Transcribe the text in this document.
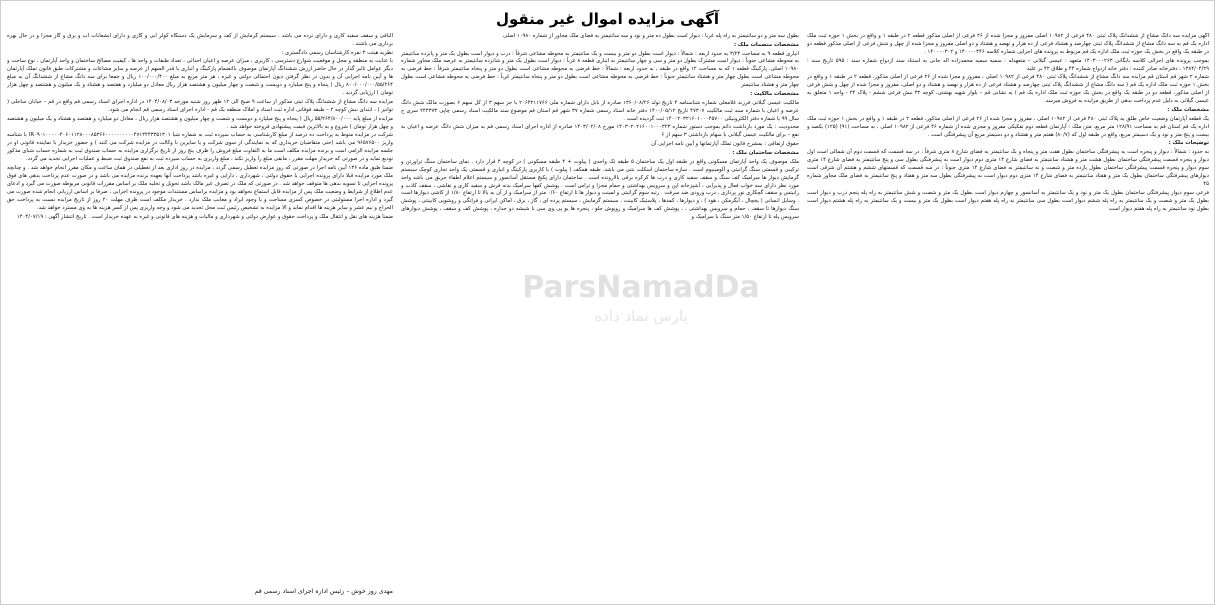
آگهی مزایده اموال غیر منقول

آگهی مزایده سه دانگ مشاع از ششدانگ پلاک ثبتی ۴۸۰ فرعی از ۱۰۹۸۲ اصلی مفروز و مجزا شده از ۲۶ فرعی از اصلی مذکور قطعه ۲ در طبقه ۱ و واقع در بخش ۱ حوزه ثبت ملک اداره یک قم به سه دانگ مشاع از ششدانگ پلاک ثبتی چهارصد و هشتاد فرعی از ده هزار و نهصد و هشتاد و دو اصلی مفروز و مجزا شده از چهل و شش فرعی از اصلی مذکور قطعه دو در طبقه یک واقع در بخش یک حوزه ثبت ملک اداره یک قم مربوط به پرونده های اجرایی شماره کلاسه ۱۴۰۰۰۰۴۴۶ و ۱۴۰۰۰۰۳۰۲ .

بموجب پرونده های اجرائی کلاسه بایگانی ۱۴۰۳۰۰۰۲۶۳ متعهد : عیسی گیلانی – متعهدله : سمیه سمیه محمدزاده اله جانی به استناد سند ازدواج شماره سند : ۵۹۵ تاریخ سند : ۱۳۸۴/۰۴/۲۹ ، دفترخانه صادر کننده : دفتر خانه ازدواج شماره ۴۴ و طلاق ۴۲ بر علیه

شماره ۲ شهر قم استان قم مزایده سه دانگ مشاع از ششدانگ پلاک ثبتی ۴۸۰ فرعی از ۱۰۹۸۲ اصلی ، مفروز و مجزا شده از ۲۶ فرعی از اصلی مذکور، قطعه ۲ در طبقه ۱ و واقع در بخش ۱ حوزه ثبت ملک اداره یک قم ( سه دانگ مشاع از ششدانگ پلاک ثبتی چهارصد و هشتاد فرعی از ده هزار و نهصد و هشتاد و دو اصلی، مفروز و مجزا شده از چهل و شش فرعی از اصلی مذکور، قطعه دو در طبقه یک واقع در بخش یک حوزه ثبت ملک اداره یک قم ) به نشانی قم – بلوار شهید بهشتی، کوچه ۳۲ نبش فرعی ششم - پلاک ۲۴ - واحد ۱ متعلق به عیسی گیلانی به دلیل عدم پرداخت بدهی از طریق مزایده به فروش میرسد.

مشخصات ملک :

یک قطعه آپارتمان وضعیت خاص طلق به پلاک ثبتی ۴۸۰ فرعی از ۱۰۹۸۲ اصلی ، مفروز و مجزا شده از ۲۶ فرعی از اصلی مذکور، قطعه ۲ در طبقه ۱ و واقع در بخش ۱ حوزه ثبت ملک اداره یک قم استان قم به مساحت ۱۲۸/۹۱ متر مربع، متن ملک : آپارتمان قطعه دوم تفکیکی مفروز و مجزی شده از شماره ۴۶ فرعی از ۱۰۹۸۲ اصلی ، به مساحت (۹۱) (۱۲۵) یکصد و بیست و پنج متر و نود و یک دسیمتر مربع، واقع در طبقه اول که (۸۰/۷) هفتم متر و هشتاد و دو دسیمتر مربع آن پیشرفتگی است .

توضیحات ملک :

به حدود : شمالاً : دیوار و پنجره است به پیشرفتگی ساختمان بطول هفت متر و پنجاه و یک سانتیمتر به فضای شارع ۸ متری شرقاً : در سه قسمت که قسمت دوم آن شمالی است اول دیوار و پنجره قسمت پیشرفتگی ساختمان بطول هشت متر و هشتاد سانتیمتر به فضای شارع ۱۴ متری دوم دیوار است به پیشرفتگی بطول سی و پنج سانتیمتر به فضای شارع ۱۴ متری سوم دیوار و پنجره قسمت پیشرفتگی ساختمان بطول یازده متر و شصت و نه سانتیمتر به فضای شارع ۱۴ متری جنوباً : در سه قسمت که قسمتهای ششم و هشتم آن شرقی است دیوارهای پیشرفتگی ساختمان بطول یک متر و هفتاد سانتیمتر به فضای شارع ۱۴ متری دوم دیوار است به پیشرفتگی بطول سه متر و هفتاد و پنج سانتیمتر به فضای ملک مجاور شماره ۴۵

فرعی سوم دیوار پیشرفتگی ساختمان بطول یک متر و نود و یک سانتیمتر به آسانسور و چهارم دیوار است بطول یک متر و شصت و شش سانتیمتر به راه پله پنجم درب و دیوار است بطول یک متر و شصت و یک سانتیمتر به راه پله ششم دیوار است بطول سی سانتیمتر به راه پله هفتم دیوار است بطول یک متر و بیست و یک سانتیمتر به راه پله هشتم دیوار است بطول نود سانتیمتر به راه پله هفتم دیوار است

بطول سه متر و دو سانتیمتر به راه پله غرباً : دیوار است بطول ده متر و نود و سه سانتیمتر به فضای ملک مجاور از شماره ۱۰۹۸۰ اصلی

مشخصات منضمات ملک :

انباری قطعه ۹ به مساحت ۳/۲۴ به حدود اربعه : شمالاً : دیوار است بطول دو متر و بیست و یک سانتیمتر به محوطه مشاعی شرقاً : درب و دیوار است بطول یک متر و پانزده سانتیمتر به محوطه مشاعی جنوباً : دیوار است مشترک بطول دو متر و سی و چهار سانتیمتر به انباری قطعه ۸ غرباً : دیوار است بطول یک متر و شانزده سانتیمتر به عرصه ملک مجاور شماره ۱۰۹۸۰ اصلی. پارکینگ قطعه ۱ که به مساحت ۱۲ واقع در طبقه ، به حدود اربعه : شمالاً : خط فرضی به محوطه مشاعی است بطول دو متر و پنجاه سانتیمتر شرقاً : خط فرضی به محوطه مشاعی است بطول چهار متر و هشتاد سانتیمتر جنوباً : خط فرضی به محوطه مشاعی است بطول دو متر و پنجاه سانتیمتر غرباً : خط فرضی به محوطه مشاعی است بطول چهار متر و هشتاد سانتیمتر

مشخصات مالکیت :

مالکیت عیسی گیلانی فرزند غلامعلی شماره شناسنامه ۴ تاریخ تولد ۱۳۶۰/۰۸/۲۶ صادره از بابل دارای شماره ملی ۲۰۶۴۲۱۱۷۶۶ با جز سهم ۳ از کل سهم ۶ بصورت مالک شش دانگ عرصه و اعیان با شماره سند ثبت مالکیت ۴۷۳۰۷ تاریخ ۱۴۰۰/۰۵/۱۲ دفتر خانه اسناد رسمی شماره ۳۷ شهر قم استان قم موضوع سند مالکیت اسناد رسمی چاپی ۲۴۴۳۷۳ سری ج سال ۹۹ با شماره دفتر الکترونیکی ۱۴۰۰۲۰۳۲۱۶۰۱۰۰۰۴۵۷۰۰ ثبت گردیده است .

محدودیت : یک مورد بازداشت دائم بموجب دستور شماره ۱۴۰۳۰۲۰۲۱۶۰۰۱۰۰۰۳۲۳ مورخ ۱۴۰۳/۰۲/۰۸ صادره از اداره اجرای اسناد رسمی قم به میزان شش دانگ عرصه و اعیان به نفع – برای مالکیت عیسی گیلانی با سهام بازداشتی ۳ سهم از ۶

حقوق ارتفاقی : بمشرح قانون تملک آپارتمانها و آیین نامه اجرایی آن

مشخصات ساختمان ملک :

ملک موصوف یک واحد آپارتمان مسکونی واقع در طبقه اول یک ساختمان ۵ طبقه تک واحدی ( پیلوت + ۴ طبقه مسکونی ) در کوچه ۴ قرار دارد . نمای ساختمان سنگ تراورتن و ترکیبی و قسمتی سنگ گرانیتی و آلومینیوم است . سازه ساختمان اسکلت بتنی می باشد. طبقه همکف ( پیلوت ) با کاربری پارکینگ و انباری و قسمتی یک واحد تجاری کوچک سیستم گرمایش دیوار ها سرامیک کف سنگ و سقف سفید کاری و درب ها کرکره برقی بالارونده است . ساختمان دارای پکیج مستقل آسانسور و سیستم اعلام اطفاء حریق می باشد واحد مورد نظر دارای سه خواب فعال و پذیرایی ، آشپزخانه اپن و سرویس بهداشتی و حمام مجزا و تراس است . پوشش کفها سرامیک بدنه فرش و سفید کاری و نقاشی ، سقف کاذب و رابیتس و سقف گچکاری نور پردازی ، درب ورودی ضد سرقت . رتبه سوم گرانیتی و لمینت و دیوار ها تا ارتفاع ۰/۶۰ متر از سرامیک و از آن به بالا تا ارتفاع ۱/۸۰ از کاشی دیوارها است . وسایل انسانی ( یخچال ، آبگرمکن ، هود ) ، و دیوارها ، کمدها ، پلاستیک کابینت ، سیستم گرمایش ، سیستم پرده ای ، گاز ، برق ، اماکن ایرانی و فرانگی و روشویی کابینتی ، پوشش سنگ دیوارها تا سقف ، حمام و سرویس بهداشتی ، ، پوشش کف ها سرامیک و روپوش جلو ، پنجره ها یو پی وی سی با شیشه دو جداره ، پوشش کف و سقف ، پوشش دیوارهای سرویس پله تا ارتفاع ۱/۵۰ متر سنگ یا سرامیک و

الباقی و سقف سفید کاری و دارای نرده می باشد . سیستم گرمایش از کف و سرمایش یک دستگاه کولر آبی و گازی و دارای انشعابات آب و برق و گاز مجزا و در حال بهره برداری می باشند .

نظریه هیئت ۳ نفره کارشناسان رسمی دادگستری :

با عنایت به منطقه و محل و موقعیت شوارع دسترسی ، کاربری ، میزان عرصه و اعیان احداثی ، تعداد طبقات و واحد ها ، کیفیت مصالح ساختمان و واحد آپارتمان ، نوع ساخت و دیگر عوامل تاثیر گذار در حال حاضر ارزش ششدانگ آپارتمان موصوف باانضمام پارکینگ و انباری با قدر السهم از عرصه و سایر مشاعات و مشترکات طبق قانون تملک آپارتمان ها و آیین نامه اجرایی آن و بدون در نظر گرفتن دیون احتمالی دولتی و غیره ، هر متر مربع به مبلغ ۱۰۰/۰۰۰/۴۰۰ ریال و جمعا برای سه دانگ مشاع از ششدانگ آن به مبلغ ۸۰۰/۰۰۰/۰۰۰/۵۵/۲۶۴ ریال ( پنجاه و پنج میلیارد و دویست و شصت و چهار میلیون و هشتصد هزار ریال معادل دو میلیارد و هفتصد و هشتاد و یک میلیون و هشتصد و چهل هزار تومان ) ارزیابی گردید .

مزایده سه دانگ مشاع از ششدانگ پلاک ثبتی مذکور از ساعت ۹ صبح الی ۱۲ ظهر روز شنبه مورخه ۱۴۰۴/۰۸/۰۳ در اداره اجرای اسناد رسمی قم واقع در قم – خیابان ساحلی ( توانیر ) ، ابتدای نبش کوچه ۲ – طبقه فوقانی اداره ثبت اسناد و املاک منطقه یک قم - اداره اجرای اسناد رسمی قم انجام می شود.

مزایده از مبلغ پایه ۵۵/۲۶۴/۸۰۰/۰۰۰ ریال ( پنجاه و پنج میلیارد و دویست و شصت و چهار میلیون و هشتصد هزار ریال ، معادل دو میلیارد و هفتصد و هشتاد و یک میلیون و هشتصد و چهل هزار تومان ) شروع و به بالاترین قیمت پیشنهادی فروخته خواهد شد .

شرکت در مزایده منوط به پرداخت ده درصد از مبلغ کارشناسی به حساب سپرده ثبت به شماره شبا IR۰۹۰۱۰۰۰۰۰۴۰۶۰۱۱۲۸۰۰۰۸۵۳۶۶۰۰۰۰۰۰۰۰۰۰۴۷۱۳۴۴۳۳۵۱۳۰۱ با شناسه واریز ۹۶۵۷۶۵۰۰ می باشد (حتی متقاضیان خریداری که به نمایندگی از سوی شرکت و یا سایرین با وکالت در مزایده شرکت می کنند ) و حضور خریدار یا نماینده قانونی او در جلسه مزایده الزامی است و برنده مزایده مکلف است ما به التفاوت مبلغ فروش را ظرف پنج روز از تاریخ برگزاری مزایده به حساب صندوق ثبت به شماره حساب شبای مذکور تودیع نماید و در صورتی که خریدار مهلت مقرر ، مابقی مبلغ را واریز نکند ، مبلغ واریزی به حساب سپرده ثبت به نفع صندوق ثبت ضبط و عملیات اجرایی تجدید می گردد.

ضمنا طبق ماده ۱۳۶ آیین نامه اجرا در صورتی که روز مزایده تعطیل رسمی گردد ، مزایده در روز اداری بعد از تعطیلی در همان ساعت و مکان مقرر انجام خواهد شد . و چنانچه ملک مورد مزایده قبلا دارای پرونده اجرایی یا حقوق دولتی ، شهرداری ، دارایی و غیره باشد پرداخت آنها بعهده برنده مزایده می باشد و در صورت عدم پرداخت بدهی های فوق پرونده اجرایی تا تسویه بدهی ها متوقف خواهد شد . در صورتی که ملک در تصرف غیر مالک باشد تحویل و تخلیه ملک بر اساس مقررات قانونی مربوطه صورت می گیرد و ادعای عدم اطلاع از شرایط و وضعیت ملک پس از مزایده قابل استماع نخواهد بود و مزایده براساس مستندات موجود در پرونده اجرایی ، صرفا بر اساس ارزیابی انجام شده صورت می گیرد و اداره اجرا مسئولیتی در خصوص کسری مساحت و یا وجود ایراد و معایب ملک ندارد . خریدار مکلف است ظرف مهلت ۲۰ روز از تاریخ مزایده نسبت به پرداخت حق الحراج و نیم عشر و سایر هزینه ها اقدام نماید و الا مزایده به تشخیص رئیس ثبت محل تجدید می شود و وجه واریزی پس از کسر هزینه ها به وی مسترد خواهد شد.

ضمنا هزینه های نقل و انتقال ملک و پرداخت حقوق و عوارض دولتی و شهرداری و مالیات و هزینه های قانونی و غیره به عهده خریدار است . تاریخ انتشار آگهی : ۱۴۰۴/۰۷/۱۹

مهدی روز خوش – رئیس اداره اجرای اسناد رسمی قم
ParsNamadDa
پارس نماد داده
